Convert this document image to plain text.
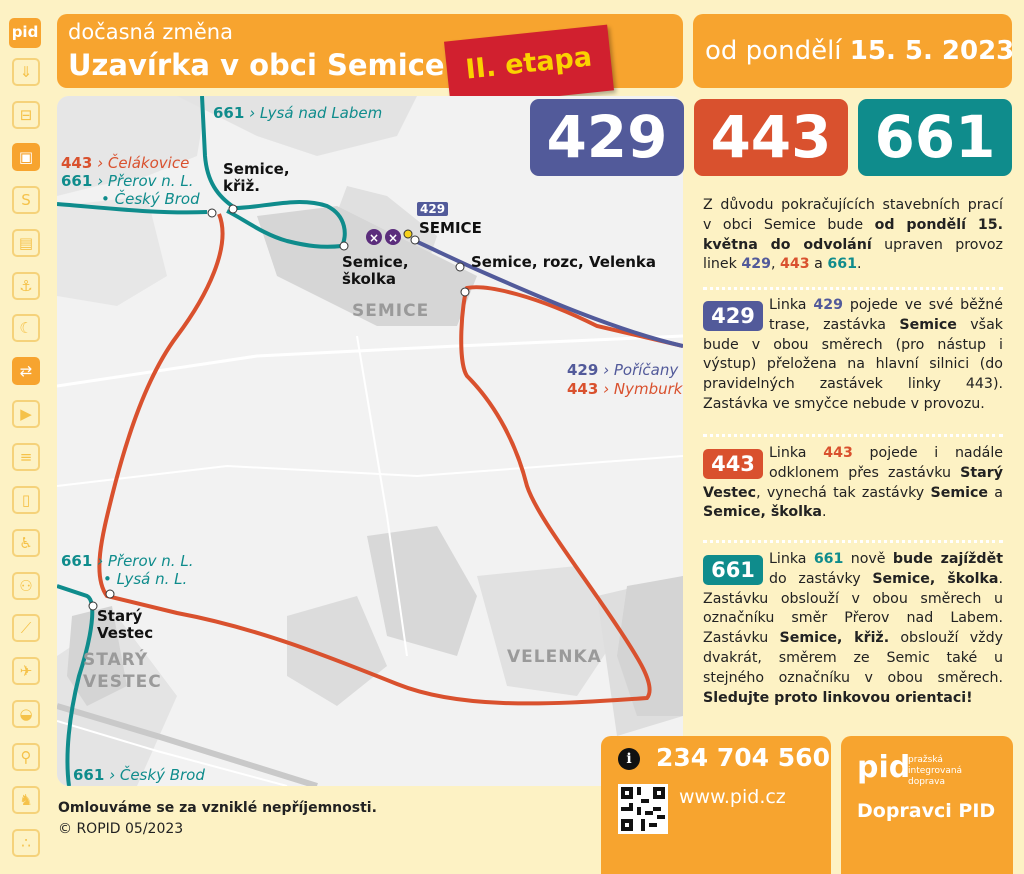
pid
⇓
⊟
▣
S
▤
⚓
☾
⇄
▶
≡
▯
♿
⚇
⟋
✈
◒
⚲
♞
∴
dočasná změna
Uzavírka v obci Semice II. etapa	od pondělí 15. 5. 2023
× ×
661 › Lysá nad Labem
443 › Čelákovice
661 › Přerov n. L.
• Český Brod
Semice,
křiž.
429
SEMICE
Semice,
školka
Semice, rozc, Velenka
SEMICE
429 › Poříčany
443 › Nymburk
661 › Přerov n. L.
• Lysá n. L.
Starý
Vestec
STARÝ
VESTEC
VELENKA
661 › Český Brod
429 443 661
Z důvodu pokračujících stavebních prací v obci Semice bude od pondělí 15. května do odvolání upraven provoz linek 429, 443 a 661.
429 Linka 429 pojede ve své běžné trase, zastávka Semice však bude v obou směrech (pro nástup i výstup) přeložena na hlavní silnici (do pravidelných zastávek linky 443). Zastávka ve smyčce nebude v provozu.
443 Linka 443 pojede i nadále odklonem přes zastávku Starý Vestec, vynechá tak zastávky Semice a Semice, školka.
661 Linka 661 nově bude zajíždět do zastávky Semice, školka. Zastávku obslouží v obou směrech u označníku směr Přerov nad Labem. Zastávku Semice, křiž. obslouží vždy dvakrát, směrem ze Semic také u stejného označníku v obou směrech. Sledujte proto linkovou orientaci!
Omlouváme se za vzniklé nepříjemnosti.
© ROPID 05/2023
i 234 704 560
www.pid.cz
pid
pražská integrovaná doprava
Dopravci PID
